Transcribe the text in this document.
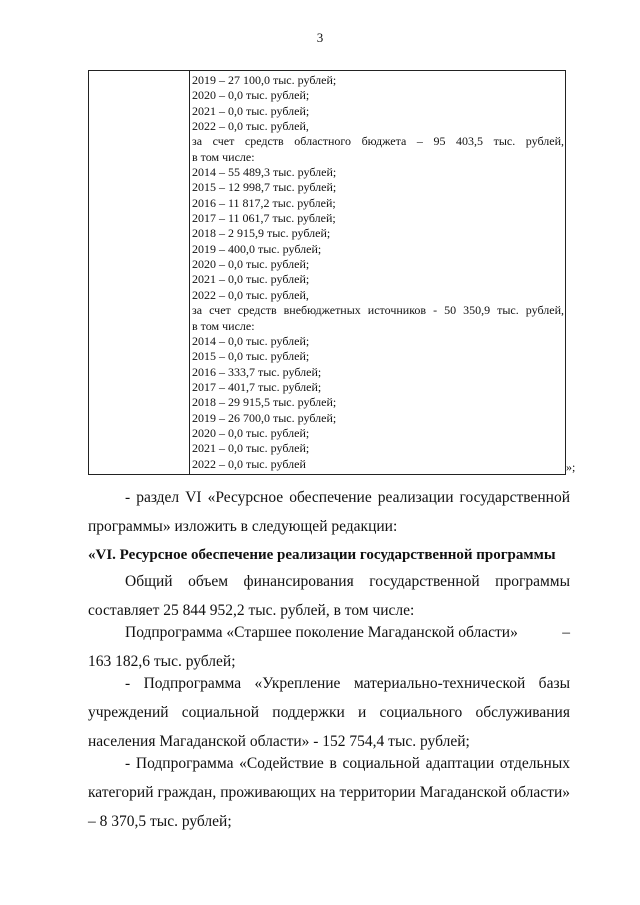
3
2019 – 27 100,0 тыс. рублей;
2020 – 0,0 тыс. рублей;
2021 – 0,0 тыс. рублей;
2022 – 0,0 тыс. рублей,
за счет средств областного бюджета – 95 403,5 тыс. рублей,
в том числе:
2014 – 55 489,3 тыс. рублей;
2015 – 12 998,7 тыс. рублей;
2016 – 11 817,2 тыс. рублей;
2017 – 11 061,7 тыс. рублей;
2018 – 2 915,9 тыс. рублей;
2019 – 400,0 тыс. рублей;
2020 – 0,0 тыс. рублей;
2021 – 0,0 тыс. рублей;
2022 – 0,0 тыс. рублей,
за счет средств внебюджетных источников - 50 350,9 тыс. рублей,
в том числе:
2014 – 0,0 тыс. рублей;
2015 – 0,0 тыс. рублей;
2016 – 333,7 тыс. рублей;
2017 – 401,7 тыс. рублей;
2018 – 29 915,5 тыс. рублей;
2019 – 26 700,0 тыс. рублей;
2020 – 0,0 тыс. рублей;
2021 – 0,0 тыс. рублей;
2022 – 0,0 тыс. рублей	»;

- раздел VI «Ресурсное обеспечение реализации государственной программы» изложить в следующей редакции:

«VI. Ресурсное обеспечение реализации государственной программы

Общий объем финансирования государственной программы составляет 25 844 952,2 тыс. рублей, в том числе:

Подпрограмма «Старшее поколение Магаданской области»	–

163 182,6 тыс. рублей;

- Подпрограмма «Укрепление материально-технической базы учреждений социальной поддержки и социального обслуживания населения Магаданской области» - 152 754,4 тыс. рублей;

- Подпрограмма «Содействие в социальной адаптации отдельных категорий граждан, проживающих на территории Магаданской области» – 8 370,5 тыс. рублей;
